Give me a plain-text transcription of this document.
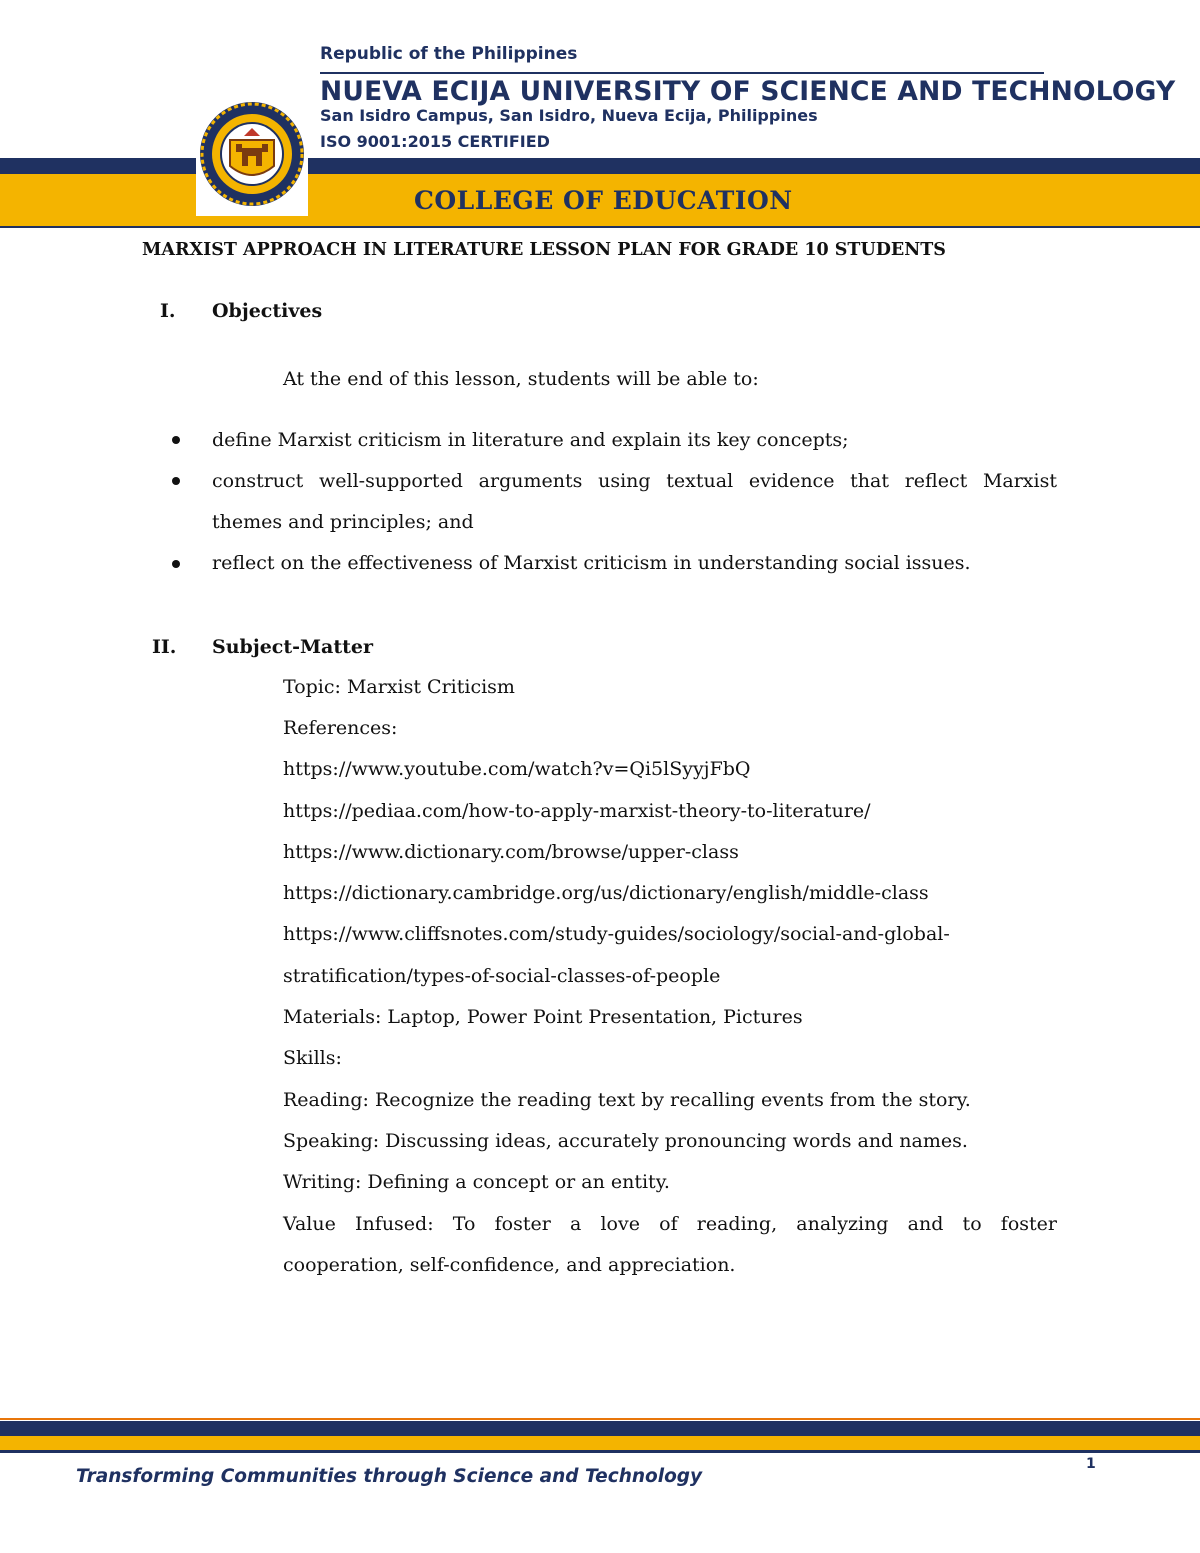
Republic of the Philippines
NUEVA ECIJA UNIVERSITY OF SCIENCE AND TECHNOLOGY
San Isidro Campus, San Isidro, Nueva Ecija, Philippines
ISO 9001:2015 CERTIFIED
COLLEGE OF EDUCATION
MARXIST APPROACH IN LITERATURE LESSON PLAN FOR GRADE 10 STUDENTS
I. Objectives
At the end of this lesson, students will be able to:
define Marxist criticism in literature and explain its key concepts;
construct well-supported arguments using textual evidence that reflect Marxist
themes and principles; and
reflect on the effectiveness of Marxist criticism in understanding social issues.
II. Subject-Matter
Topic: Marxist Criticism
References:
https://www.youtube.com/watch?v=Qi5lSyyjFbQ
https://pediaa.com/how-to-apply-marxist-theory-to-literature/
https://www.dictionary.com/browse/upper-class
https://dictionary.cambridge.org/us/dictionary/english/middle-class
https://www.cliffsnotes.com/study-guides/sociology/social-and-global-
stratification/types-of-social-classes-of-people
Materials: Laptop, Power Point Presentation, Pictures
Skills:
Reading: Recognize the reading text by recalling events from the story.
Speaking: Discussing ideas, accurately pronouncing words and names.
Writing: Defining a concept or an entity.
Value Infused: To foster a love of reading, analyzing and to foster
cooperation, self-confidence, and appreciation.
Transforming Communities through Science and Technology
1
